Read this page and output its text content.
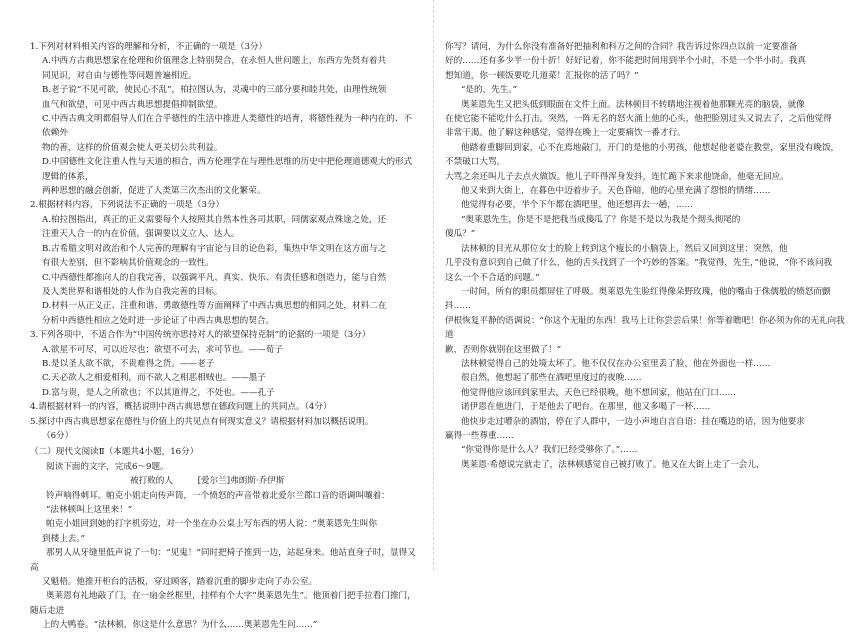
1.下列对材料相关内容的理解和分析，不正确的一项是（3分）

A.中西方古典思想家在伦理和价值理念上特别契合，在永恒人世问题上，东西方先贤有着共

同见识，对自由与德性等问题普遍相近。

B.老子说“不见可欲，使民心不乱”，柏拉图认为，灵魂中的三部分要和睦共处，由理性统领

血气和欲望，可见中西古典思想提倡抑制欲望。

C.中西古典文明都倡导人们在合乎德性的生活中推进人类德性的培育，将德性视为一种内在的、不依赖外

物的善，这样的价值观会使人更关切公共利益。

D.中国德性文化注重人性与天道的相合，西方伦理学在与理性思维的历史中把伦理道德观大的形式逻辑的体系，

两种思想的融会创新，促进了人类第三次杰出的文化繁荣。

2.根据材料内容，下列说法不正确的一项是（3分）

A.柏拉图指出，真正的正义需要每个人按照其自然本性各司其职，同儒家观点殊途之处，还

注重天人合一的内在价值，强调要以义立人、达人。

B.古希腊文明对政治和个人完善的理解有宇宙论与目的论色彩，集热中华文明在这方面与之

有很大差别，但不影响其价值观念的一致性。

C.中西德性都推向人的自我完善，以强调平凡、真实、快乐、有责任感和创造力，能与自然

及人类世界和谐相处的人作为自我完善的目标。

D.材料一从正义正、注重和谐、勇敢德性等方面阐释了中西古典思想的相同之处，材料二在

分析中西德性相应之处时进一步论证了中西古典思想的契合。

3.下列各项中，不适合作为“中国传统亦思持对人的欲望保持克制”的论据的一项是（3分）

A.欲星不可尽，可以近尽也；欲望不可去，求可节也。——荀子

B.是以圣人欲不欲，不贵难得之货。——老子

C.天必欲人之相爱相利，而不欲人之相恶相贼也。——墨子

D.富与贵，是人之所欲也；不以其道得之，不处也。——孔子

4.请根据材料一的内容，概括说明中西古典思想在德政问题上的共同点。（4分）

5.探讨中西古典思想家在德性与价值上的共见点有何现实意义？请根据材料加以概括说明。

（6分）

（二）现代文阅读Ⅱ（本题共4小题，16分）

阅读下面的文字，完成6～9题。

被打败的人	[爱尔兰]弗朗斯·乔伊斯

铃声响得刺耳。帕克小姐走向传声筒，一个愤怒的声音带着北爱尔兰郡口音的语调叫嚷着：

“法林顿叫上这里来！”

帕克小姐回到她的打字机旁边，对一个坐在办公桌上写东西的男人说：“奥莱恩先生叫你

到楼上去。”

那男人从牙缝里低声说了一句：“见鬼！”同时把椅子推到一边，站起身来。他站直身子时，显得又高

又魁梧。他推开柜台的活板，穿过顾客，踏着沉重的脚步走向了办公室。

奥莱恩有礼地敲了门，在一扇金丝框里，挂样有个大字“奥莱恩先生”。他顶着门把手拉看门推门，随后走进

上的大鸭卷。“法林顿，你这是什么意思？为什么……奥莱恩先生问……”

你写？请问，为什么你没有准备好把抽利和科万之间的合同？我告诉过你四点以前一定要准备

好的……还有多少半一份十折！好好记着，你不能把时间用到半个小时，不是一个半小时。我真

想知道，你一顿饭要吃几道菜！汇报你的活了吗？”

“是的，先生。”

奥莱恩先生又把头低到眼面在文件上面。法林顿目不转睛地注视着他那颗光亮的脑袋，就像

在使它能不能吃什么打击。突然，一阵无名的怒火涌上他的心头，他把脸别过头又说去了，之后他觉得

非常干渴。他了解这种感觉，觉得在晚上一定要痛饮一番才行。

他踏着重脚回到家，心不在焉地敲门，开门的是他的小男孩，他想起他老婆在教堂，家里没有晚饭，不禁破口大骂，

大骂之余还叫儿子去点火做饭。他儿子吓得浑身发抖，连忙跪下来求他饶命，他毫无回应。

他又来到大街上，在暮色中迈着步子。天色昏暗，他的心里充满了怨恨的情绪……

他觉得有必要，半个下午都在酒吧里，他还想再去一趟，……

“奥莱恩先生，你是不是把我当成傻瓜了？你是不是以为我是个彻头彻尾的

傻瓜？”

法林顿的目光从那位女士的脸上转到这个瘦长的小脑袋上，然后又回到这里：突然，他

几乎没有意识到自己做了什么，他的舌头找到了一个巧妙的答案。“我觉得，先生，”他说，“你不该问我

这么一个不合适的问题。”

一时间，所有的职员都屏住了呼吸。奥莱恩先生脸红得像朵野玫瑰，他的嘴由于侏儒般的愤怒而颤抖……

伊根恢复平静的语调说：“你这个无耻的东西！我马上让你尝尝后果！你等着瞧吧！你必须为你的无礼向我道

歉，否则你就别在这里做了！”

法林顿觉得自己的处境太坏了。他不仅仅在办公室里丢了脸，他在外面也一样……

很自然，他想起了那些在酒吧里度过的夜晚……

他觉得他应该回到家里去，天色已经很晚，他不想回家，他站在门口……

诺伊恩在他进门，于是他去了吧台。在那里，他又多喝了一杯……

他快步走过嘈杂的酒馆，停在了人群中，一边小声地自言自语：挂在嘴边的话，因为他要求

赢得一些尊重……

“你觉得你是什么人？我们已经受够你了。”……

奥莱恩·希德说完就走了，法林顿感觉自己被打败了。他又在大街上走了一会儿，
